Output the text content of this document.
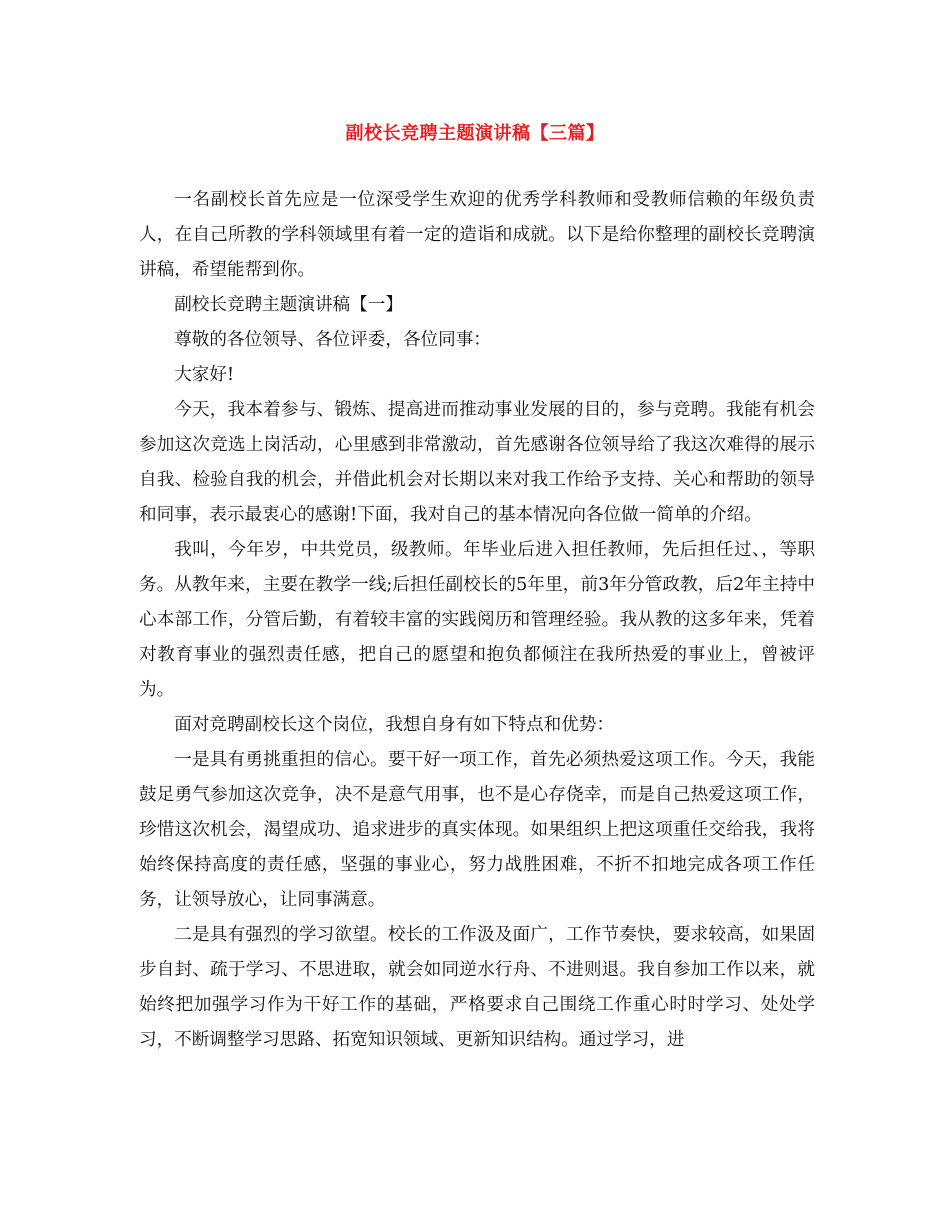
副校长竞聘主题演讲稿【三篇】

一名副校长首先应是一位深受学生欢迎的优秀学科教师和受教师信赖的年级负责人，在自己所教的学科领域里有着一定的造诣和成就。以下是给你整理的副校长竞聘演讲稿，希望能帮到你。

副校长竞聘主题演讲稿【一】

尊敬的各位领导、各位评委，各位同事：

大家好!

今天，我本着参与、锻炼、提高进而推动事业发展的目的，参与竞聘。我能有机会参加这次竞选上岗活动，心里感到非常激动，首先感谢各位领导给了我这次难得的展示自我、检验自我的机会，并借此机会对长期以来对我工作给予支持、关心和帮助的领导和同事，表示最衷心的感谢!下面，我对自己的基本情况向各位做一简单的介绍。

我叫，今年岁，中共党员，级教师。年毕业后进入担任教师，先后担任过、，等职务。从教年来，主要在教学一线;后担任副校长的5年里，前3年分管政教，后2年主持中心本部工作，分管后勤，有着较丰富的实践阅历和管理经验。我从教的这多年来，凭着对教育事业的强烈责任感，把自己的愿望和抱负都倾注在我所热爱的事业上，曾被评为。

面对竞聘副校长这个岗位，我想自身有如下特点和优势：

一是具有勇挑重担的信心。要干好一项工作，首先必须热爱这项工作。今天，我能鼓足勇气参加这次竞争，决不是意气用事，也不是心存侥幸，而是自己热爱这项工作，珍惜这次机会，渴望成功、追求进步的真实体现。如果组织上把这项重任交给我，我将始终保持高度的责任感，坚强的事业心，努力战胜困难，不折不扣地完成各项工作任务，让领导放心，让同事满意。

二是具有强烈的学习欲望。校长的工作汲及面广，工作节奏快，要求较高，如果固步自封、疏于学习、不思进取，就会如同逆水行舟、不进则退。我自参加工作以来，就始终把加强学习作为干好工作的基础，严格要求自己围绕工作重心时时学习、处处学习，不断调整学习思路、拓宽知识领域、更新知识结构。通过学习，进
